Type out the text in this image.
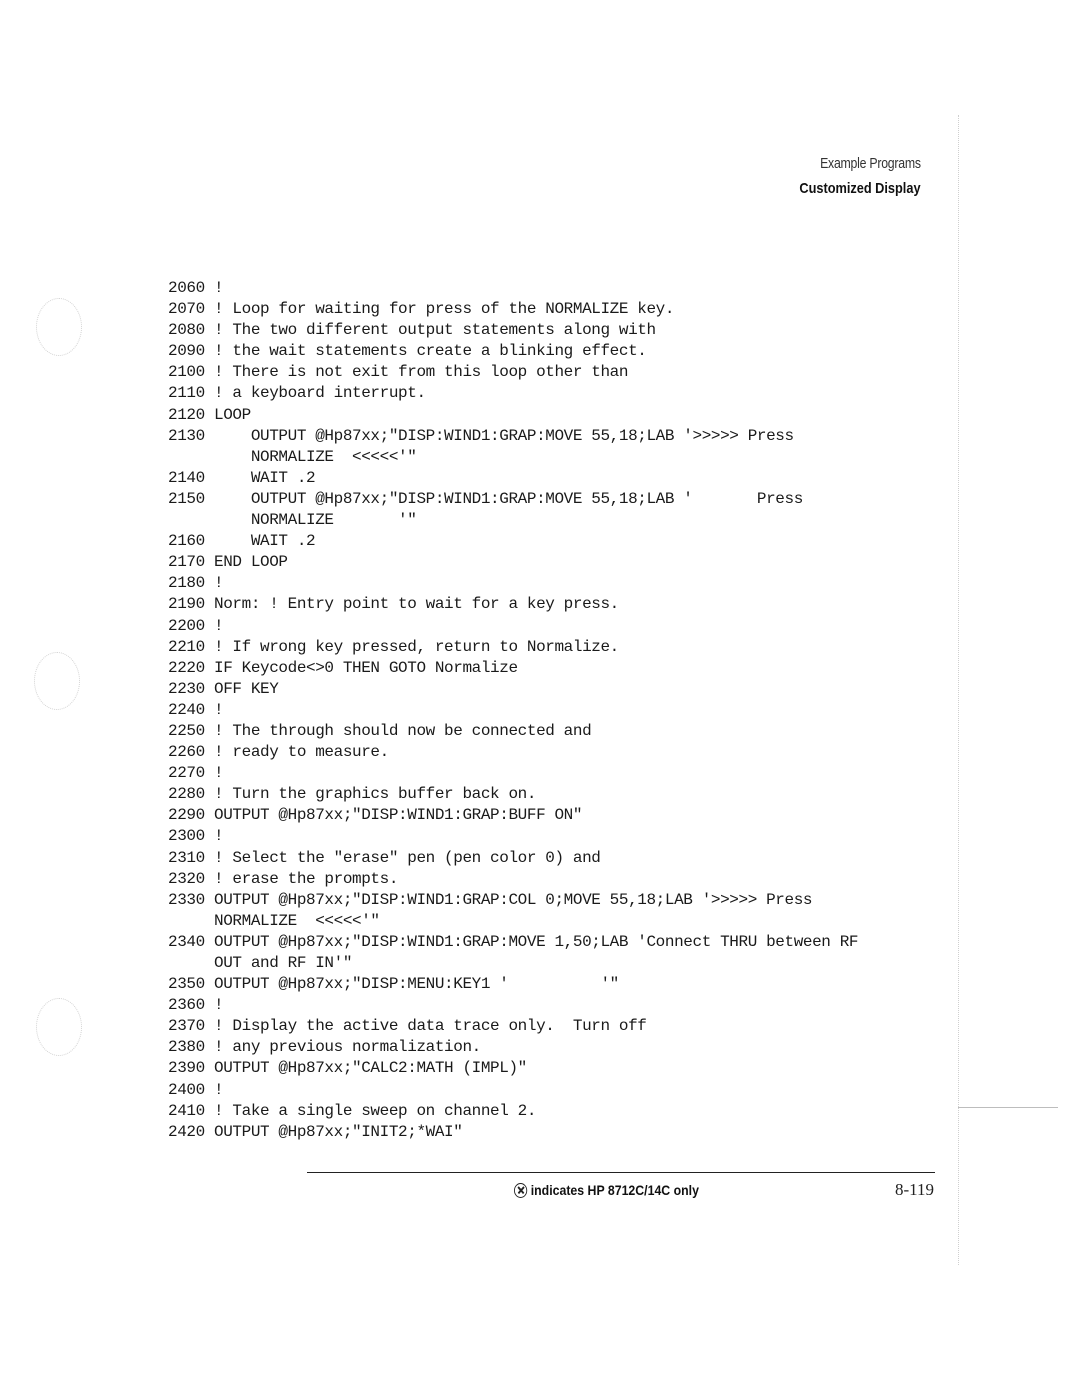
Example Programs
Customized Display
2060 !
2070 ! Loop for waiting for press of the NORMALIZE key.
2080 ! The two different output statements along with
2090 ! the wait statements create a blinking effect.
2100 ! There is not exit from this loop other than
2110 ! a keyboard interrupt.
2120 LOOP
2130     OUTPUT @Hp87xx;"DISP:WIND1:GRAP:MOVE 55,18;LAB '>>>>> Press
NORMALIZE  <<<<<'"
2140     WAIT .2
2150     OUTPUT @Hp87xx;"DISP:WIND1:GRAP:MOVE 55,18;LAB '       Press
NORMALIZE       '"
2160     WAIT .2
2170 END LOOP
2180 !
2190 Norm: ! Entry point to wait for a key press.
2200 !
2210 ! If wrong key pressed, return to Normalize.
2220 IF Keycode<>0 THEN GOTO Normalize
2230 OFF KEY
2240 !
2250 ! The through should now be connected and
2260 ! ready to measure.
2270 !
2280 ! Turn the graphics buffer back on.
2290 OUTPUT @Hp87xx;"DISP:WIND1:GRAP:BUFF ON"
2300 !
2310 ! Select the "erase" pen (pen color 0) and
2320 ! erase the prompts.
2330 OUTPUT @Hp87xx;"DISP:WIND1:GRAP:COL 0;MOVE 55,18;LAB '>>>>> Press
NORMALIZE  <<<<<'"
2340 OUTPUT @Hp87xx;"DISP:WIND1:GRAP:MOVE 1,50;LAB 'Connect THRU between RF
OUT and RF IN'"
2350 OUTPUT @Hp87xx;"DISP:MENU:KEY1 '          '"
2360 !
2370 ! Display the active data trace only.  Turn off
2380 ! any previous normalization.
2390 OUTPUT @Hp87xx;"CALC2:MATH (IMPL)"
2400 !
2410 ! Take a single sweep on channel 2.
2420 OUTPUT @Hp87xx;"INIT2;*WAI"
indicates HP 8712C/14C only	8-119
